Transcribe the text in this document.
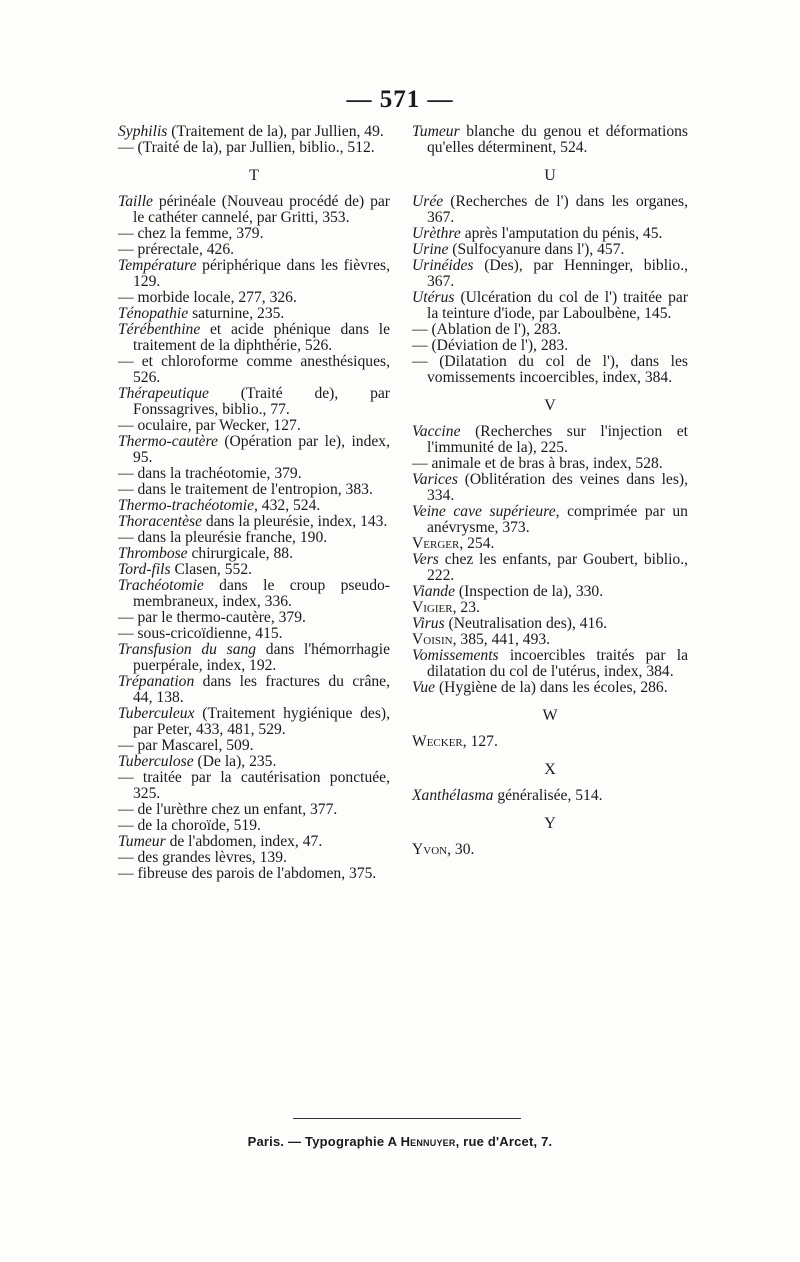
— 571 —

Syphilis (Traitement de la), par Jullien, 49.

— (Traité de la), par Jullien, biblio., 512.

T

Taille périnéale (Nouveau procédé de) par le cathéter cannelé, par Gritti, 353.

— chez la femme, 379.

— prérectale, 426.

Température périphérique dans les fièvres, 129.

— morbide locale, 277, 326.

Ténopathie saturnine, 235.

Térébenthine et acide phénique dans le traitement de la diphthérie, 526.

— et chloroforme comme anesthésiques, 526.

Thérapeutique (Traité de), par Fonssagrives, biblio., 77.

— oculaire, par Wecker, 127.

Thermo-cautère (Opération par le), index, 95.

— dans la trachéotomie, 379.

— dans le traitement de l'entropion, 383.

Thermo-trachéotomie, 432, 524.

Thoracentèse dans la pleurésie, index, 143.

— dans la pleurésie franche, 190.

Thrombose chirurgicale, 88.

Tord-fils Clasen, 552.

Trachéotomie dans le croup pseudo-membraneux, index, 336.

— par le thermo-cautère, 379.

— sous-cricoïdienne, 415.

Transfusion du sang dans l'hémorrhagie puerpérale, index, 192.

Trépanation dans les fractures du crâne, 44, 138.

Tuberculeux (Traitement hygiénique des), par Peter, 433, 481, 529.

— par Mascarel, 509.

Tuberculose (De la), 235.

— traitée par la cautérisation ponctuée, 325.

— de l'urèthre chez un enfant, 377.

— de la choroïde, 519.

Tumeur de l'abdomen, index, 47.

— des grandes lèvres, 139.

— fibreuse des parois de l'abdomen, 375.

Tumeur blanche du genou et déformations qu'elles déterminent, 524.

U

Urée (Recherches de l') dans les organes, 367.

Urèthre après l'amputation du pénis, 45.

Urine (Sulfocyanure dans l'), 457.

Urinéides (Des), par Henninger, biblio., 367.

Utérus (Ulcération du col de l') traitée par la teinture d'iode, par Laboulbène, 145.

— (Ablation de l'), 283.

— (Déviation de l'), 283.

— (Dilatation du col de l'), dans les vomissements incoercibles, index, 384.

V

Vaccine (Recherches sur l'injection et l'immunité de la), 225.

— animale et de bras à bras, index, 528.

Varices (Oblitération des veines dans les), 334.

Veine cave supérieure, comprimée par un anévrysme, 373.

Verger, 254.

Vers chez les enfants, par Goubert, biblio., 222.

Viande (Inspection de la), 330.

Vigier, 23.

Virus (Neutralisation des), 416.

Voisin, 385, 441, 493.

Vomissements incoercibles traités par la dilatation du col de l'utérus, index, 384.

Vue (Hygiène de la) dans les écoles, 286.

W

Wecker, 127.

X

Xanthélasma généralisée, 514.

Y

Yvon, 30.

Paris. — Typographie A Hennuyer, rue d'Arcet, 7.
